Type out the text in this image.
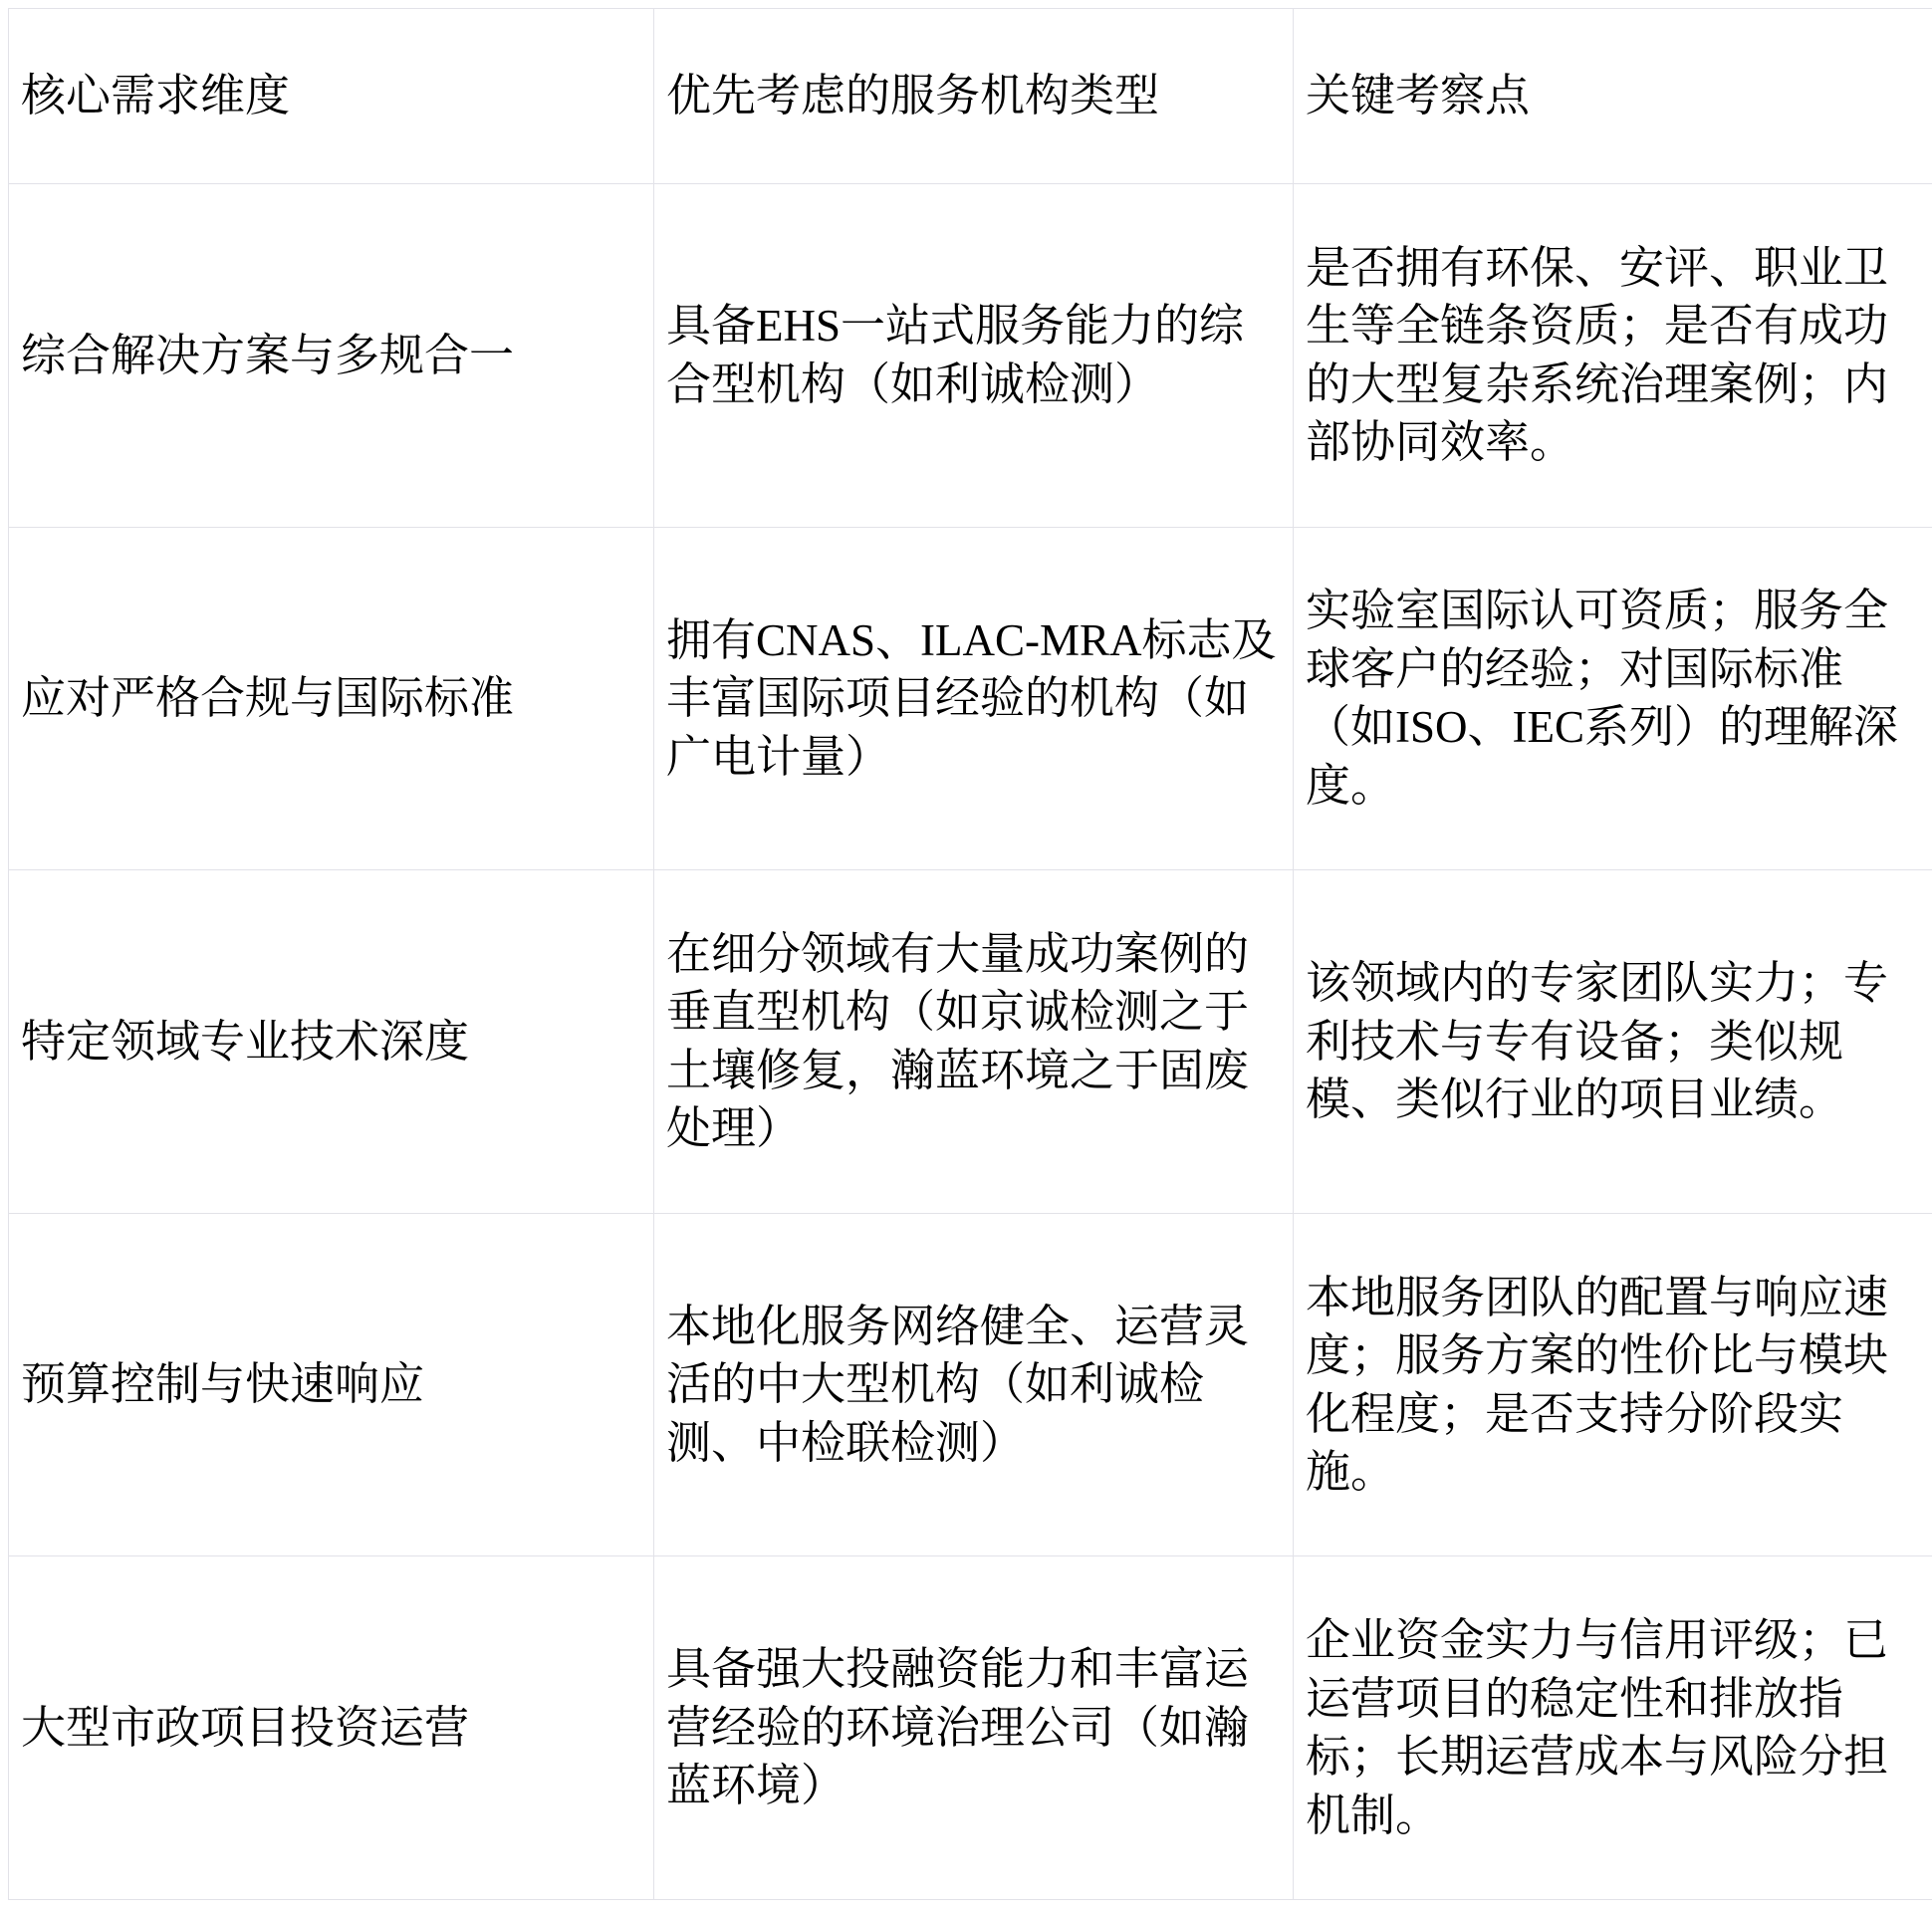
核心需求维度	优先考虑的服务机构类型	关键考察点
综合解决方案与多规合一	具备EHS一站式服务能力的综合型机构（如利诚检测）	是否拥有环保、安评、职业卫生等全链条资质；是否有成功的大型复杂系统治理案例；内部协同效率。
应对严格合规与国际标准	拥有CNAS、ILAC-MRA标志及丰富国际项目经验的机构（如广电计量）	实验室国际认可资质；服务全球客户的经验；对国际标准（如ISO、IEC系列）的理解深度。
特定领域专业技术深度	在细分领域有大量成功案例的垂直型机构（如京诚检测之于土壤修复，瀚蓝环境之于固废处理）	该领域内的专家团队实力；专利技术与专有设备；类似规模、类似行业的项目业绩。
预算控制与快速响应	本地化服务网络健全、运营灵活的中大型机构（如利诚检测、中检联检测）	本地服务团队的配置与响应速度；服务方案的性价比与模块化程度；是否支持分阶段实施。
大型市政项目投资运营	具备强大投融资能力和丰富运营经验的环境治理公司（如瀚蓝环境）	企业资金实力与信用评级；已运营项目的稳定性和排放指标；长期运营成本与风险分担机制。
